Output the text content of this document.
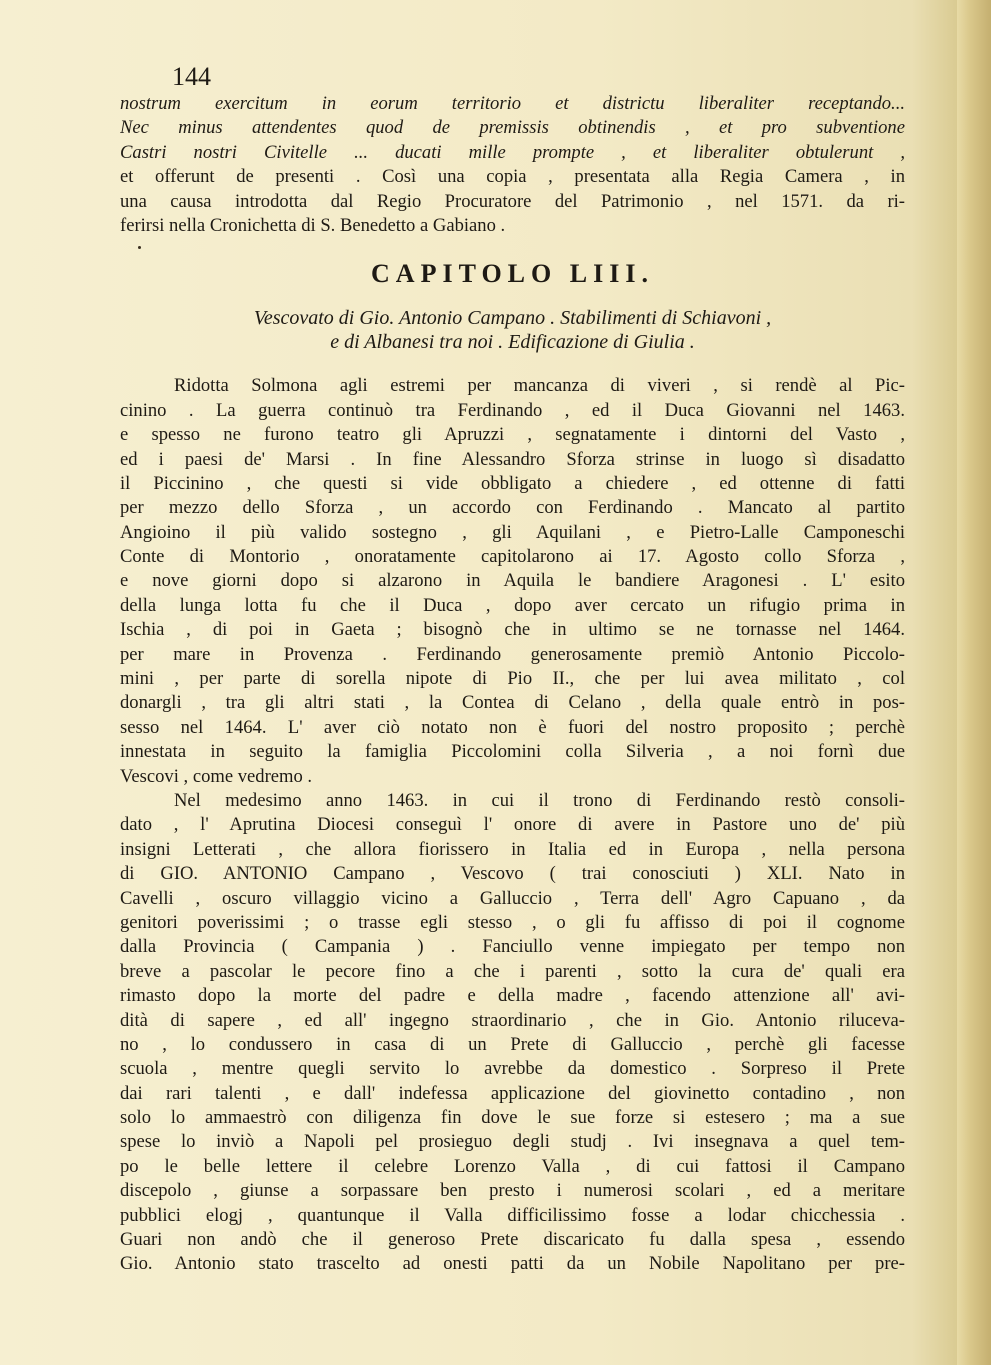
144
nostrum exercitum in eorum territorio et districtu liberaliter receptando...
Nec minus attendentes quod de premissis obtinendis , et pro subventione
Castri nostri Civitelle ... ducati mille prompte , et liberaliter obtulerunt ,
et offerunt de presenti . Così una copia , presentata alla Regia Camera , in
una causa introdotta dal Regio Procuratore del Patrimonio , nel 1571. da ri-
ferirsi nella Cronichetta di S. Benedetto a Gabiano .
CAPITOLO LIII.
Vescovato di Gio. Antonio Campano . Stabilimenti di Schiavoni ,
e di Albanesi tra noi . Edificazione di Giulia .
Ridotta Solmona agli estremi per mancanza di viveri , si rendè al Pic-
cinino . La guerra continuò tra Ferdinando , ed il Duca Giovanni nel 1463.
e spesso ne furono teatro gli Apruzzi , segnatamente i dintorni del Vasto ,
ed i paesi de' Marsi . In fine Alessandro Sforza strinse in luogo sì disadatto
il Piccinino , che questi si vide obbligato a chiedere , ed ottenne di fatti
per mezzo dello Sforza , un accordo con Ferdinando . Mancato al partito
Angioino il più valido sostegno , gli Aquilani , e Pietro-Lalle Camponeschi
Conte di Montorio , onoratamente capitolarono ai 17. Agosto collo Sforza ,
e nove giorni dopo si alzarono in Aquila le bandiere Aragonesi . L' esito
della lunga lotta fu che il Duca , dopo aver cercato un rifugio prima in
Ischia , di poi in Gaeta ; bisognò che in ultimo se ne tornasse nel 1464.
per mare in Provenza . Ferdinando generosamente premiò Antonio Piccolo-
mini , per parte di sorella nipote di Pio II., che per lui avea militato , col
donargli , tra gli altri stati , la Contea di Celano , della quale entrò in pos-
sesso nel 1464. L' aver ciò notato non è fuori del nostro proposito ; perchè
innestata in seguito la famiglia Piccolomini colla Silveria , a noi fornì due
Vescovi , come vedremo .
Nel medesimo anno 1463. in cui il trono di Ferdinando restò consoli-
dato , l' Aprutina Diocesi conseguì l' onore di avere in Pastore uno de' più
insigni Letterati , che allora fiorissero in Italia ed in Europa , nella persona
di GIO. ANTONIO Campano , Vescovo ( trai conosciuti ) XLI. Nato in
Cavelli , oscuro villaggio vicino a Galluccio , Terra dell' Agro Capuano , da
genitori poverissimi ; o trasse egli stesso , o gli fu affisso di poi il cognome
dalla Provincia ( Campania ) . Fanciullo venne impiegato per tempo non
breve a pascolar le pecore fino a che i parenti , sotto la cura de' quali era
rimasto dopo la morte del padre e della madre , facendo attenzione all' avi-
dità di sapere , ed all' ingegno straordinario , che in Gio. Antonio rilucevа-
no , lo condussero in casa di un Prete di Galluccio , perchè gli facesse
scuola , mentre quegli servito lo avrebbe da domestico . Sorpreso il Prete
dai rari talenti , e dall' indefessa applicazione del giovinetto contadino , non
solo lo ammaestrò con diligenza fin dove le sue forze si estesero ; ma a sue
spese lo inviò a Napoli pel prosieguo degli studj . Ivi insegnava a quel tem-
po le belle lettere il celebre Lorenzo Valla , di cui fattosi il Campano
discepolo , giunse a sorpassare ben presto i numerosi scolari , ed a meritare
pubblici elogj , quantunque il Valla difficilissimo fosse a lodar chicchessia .
Guari non andò che il generoso Prete discaricato fu dalla spesa , essendo
Gio. Antonio stato trascelto ad onesti patti da un Nobile Napolitano per pre-
